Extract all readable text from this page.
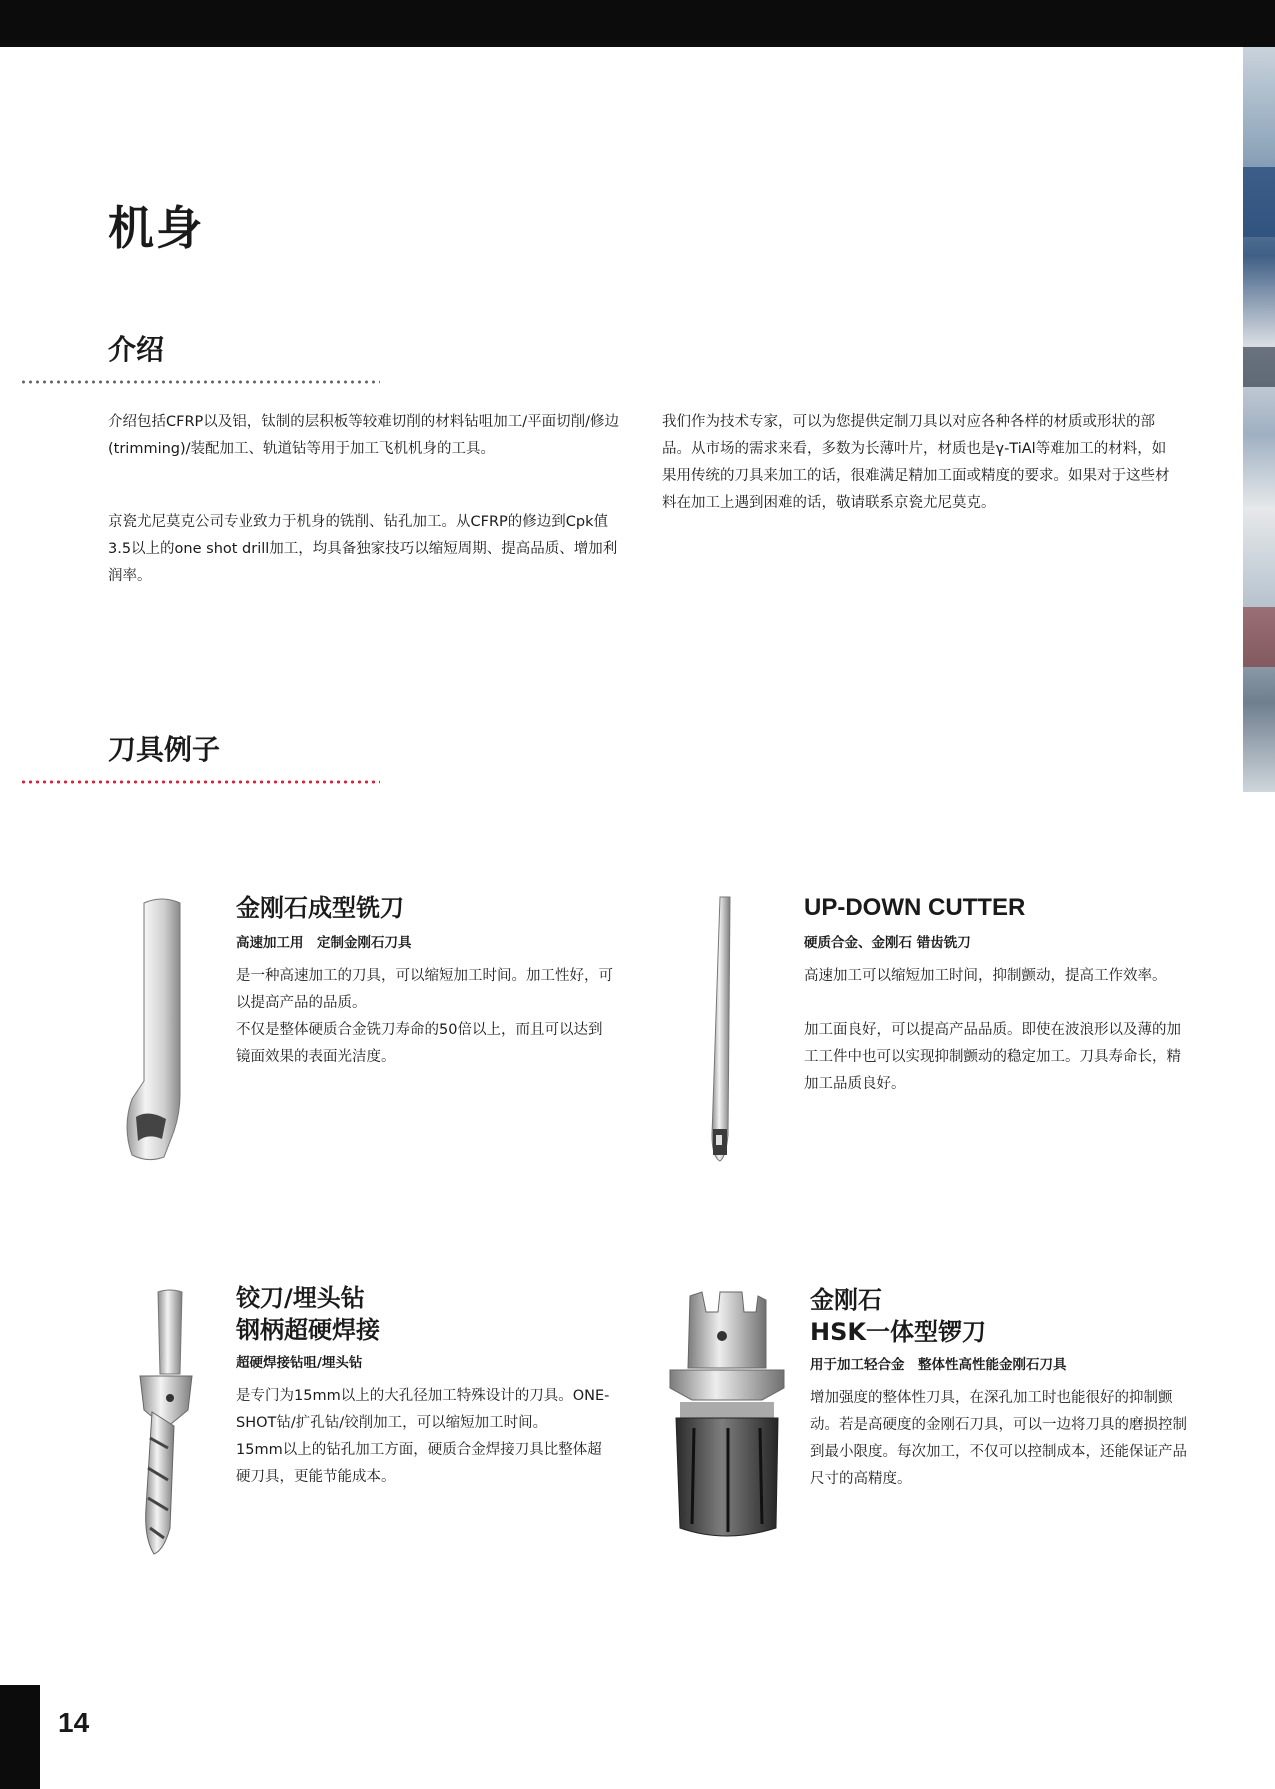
机身
介绍

介绍包括CFRP以及铝，钛制的层积板等较难切削的材料钻咀加工/平面切削/修边(trimming)/装配加工、轨道钻等用于加工飞机机身的工具。

京瓷尤尼莫克公司专业致力于机身的铣削、钻孔加工。从CFRP的修边到Cpk值3.5以上的one shot drill加工，均具备独家技巧以缩短周期、提高品质、增加利润率。

我们作为技术专家，可以为您提供定制刀具以对应各种各样的材质或形状的部品。从市场的需求来看，多数为长薄叶片，材质也是γ-TiAl等难加工的材料，如果用传统的刀具来加工的话，很难满足精加工面或精度的要求。如果对于这些材料在加工上遇到困难的话，敬请联系京瓷尤尼莫克。

刀具例子
金刚石成型铣刀

高速加工用　定制金刚石刀具

是一种高速加工的刀具，可以缩短加工时间。加工性好，可以提高产品的品质。
不仅是整体硬质合金铣刀寿命的50倍以上，而且可以达到镜面效果的表面光洁度。
UP-DOWN CUTTER

硬质合金、金刚石 错齿铣刀

高速加工可以缩短加工时间，抑制颤动，提高工作效率。
加工面良好，可以提高产品品质。即使在波浪形以及薄的加工工件中也可以实现抑制颤动的稳定加工。刀具寿命长，精加工品质良好。
铰刀/埋头钻
钢柄超硬焊接

超硬焊接钻咀/埋头钻

是专门为15mm以上的大孔径加工特殊设计的刀具。ONE-SHOT钻/扩孔钻/铰削加工，可以缩短加工时间。
15mm以上的钻孔加工方面，硬质合金焊接刀具比整体超硬刀具，更能节能成本。
金刚石
HSK一体型锣刀

用于加工轻合金　整体性高性能金刚石刀具

增加强度的整体性刀具，在深孔加工时也能很好的抑制颤动。若是高硬度的金刚石刀具，可以一边将刀具的磨损控制到最小限度。每次加工，不仅可以控制成本，还能保证产品尺寸的高精度。

14
